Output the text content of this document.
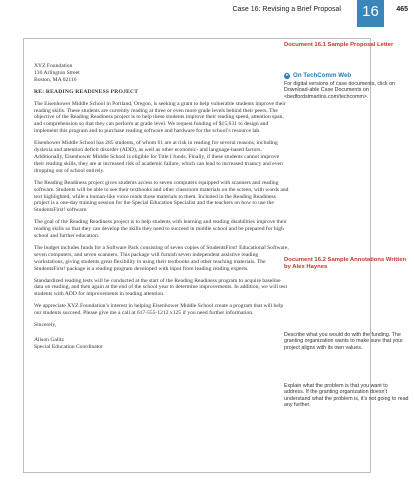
Case 16: Revising a Brief Proposal	16	465
XYZ Foundation
130 Arlington Street
Boston, MA 02116
RE: READING READINESS PROJECT

The Eisenhower Middle School in Portland, Oregon, is seeking a grant to help vulnerable students improve their reading skills. These students are currently reading at three or even more grade levels behind their peers. The objective of the Reading Readiness project is to help these students improve their reading speed, attention span, and comprehension so that they can perform at grade level. We request funding of $15,631 to design and implement this program and to purchase reading software and hardware for the school’s resource lab.

Eisenhower Middle School has 285 students, of whom 61 are at risk in reading for several reasons, including dyslexia and attention deficit disorder (ADD), as well as other economic- and language-based factors. Additionally, Eisenhower Middle School is eligible for Title I funds. Finally, if these students cannot improve their reading skills, they are at increased risk of academic failure, which can lead to increased truancy and even dropping out of school entirely.

The Reading Readiness project gives students access to seven computers equipped with scanners and reading software. Students will be able to see their textbooks and other classroom materials on the screen, with words and text highlighted, while a human-like voice reads those materials to them. Included in the Reading Readiness project is a one-day training session for the Special Education Specialist and the teachers on how to use the StudentsFirst! software.

The goal of the Reading Readiness project is to help students with learning and reading disabilities improve their reading skills so that they can develop the skills they need to succeed in middle school and be prepared for high school and further education.

The budget includes funds for a Software Pack consisting of seven copies of StudentsFirst! Educational Software, seven computers, and seven scanners. This package will furnish seven independent assistive reading workstations, giving students great flexibility in using their textbooks and other teaching materials. The StudentsFirst! package is a reading program developed with input from leading reading experts.

Standardized reading tests will be conducted at the start of the Reading Readiness program to acquire baseline data on reading, and then again at the end of the school year to determine improvements. In addition, we will test students with ADD for improvements in reading attention.

We appreciate XYZ Foundation’s interest in helping Eisenhower Middle School create a program that will help our students succeed. Please give me a call at 617-555-1212 x125 if you need further information.

Sincerely,

Alison Galitz
Special Education Coordinator
Document 16.1 Sample Proposal Letter
On TechComm Web
For digital versions of case documents, click on Download-able Case Documents on <bedfordstmartins.com/techcomm>.
Document 16.2 Sample Annotations Written by Alex Haynes
Describe what you would do with the funding. The granting organization wants to make sure that your project aligns with its own values.
Explain what the problem is that you want to address. If the granting organization doesn’t understand what the problem is, it’s not going to read any further.
